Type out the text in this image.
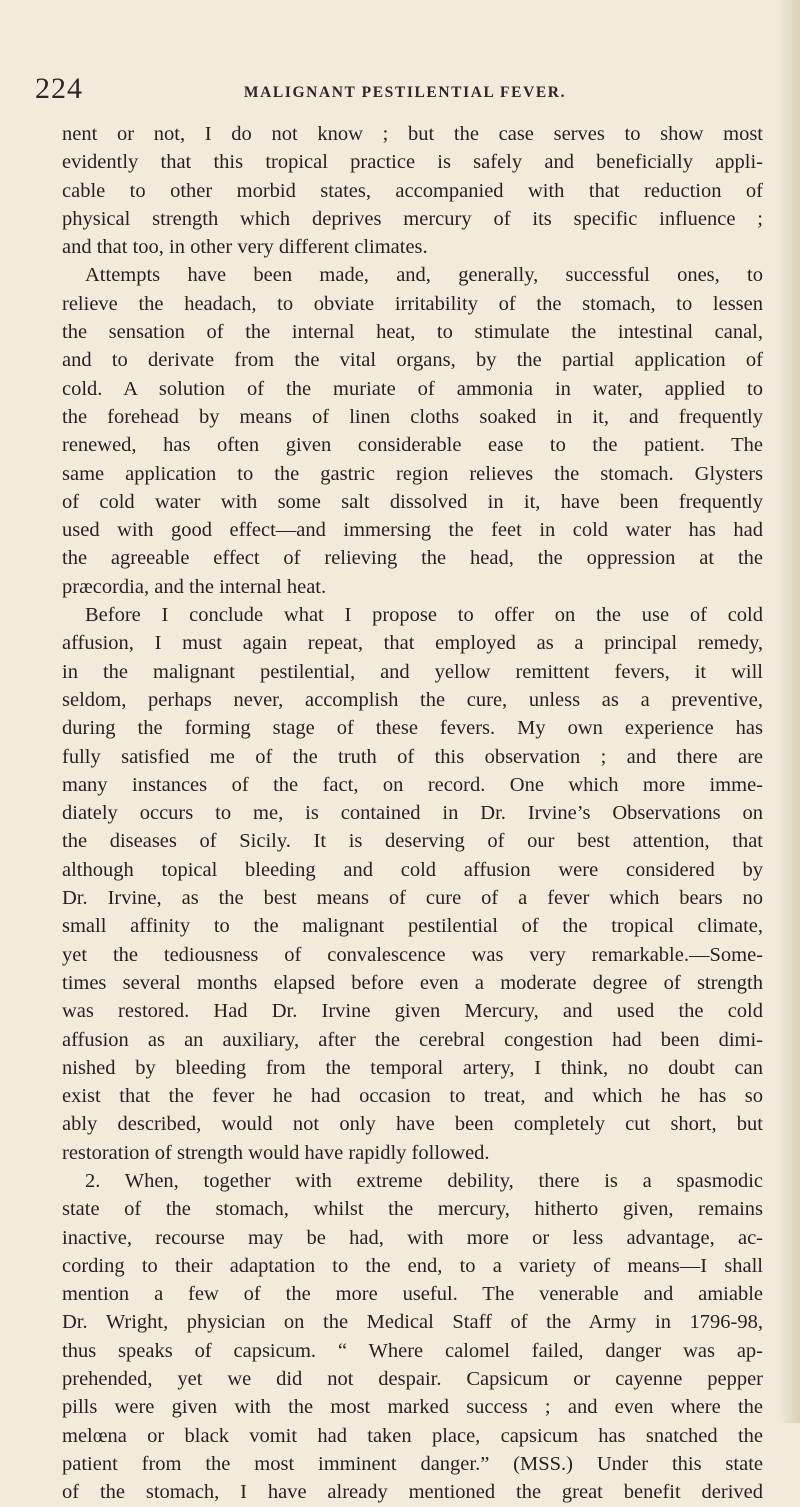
224	MALIGNANT PESTILENTIAL FEVER.
nent or not, I do not know ; but the case serves to show most
evidently that this tropical practice is safely and beneficially appli-
cable to other morbid states, accompanied with that reduction of
physical strength which deprives mercury of its specific influence ;
and that too, in other very different climates.
Attempts have been made, and, generally, successful ones, to
relieve the headach, to obviate irritability of the stomach, to lessen
the sensation of the internal heat, to stimulate the intestinal canal,
and to derivate from the vital organs, by the partial application of
cold. A solution of the muriate of ammonia in water, applied to
the forehead by means of linen cloths soaked in it, and frequently
renewed, has often given considerable ease to the patient. The
same application to the gastric region relieves the stomach. Glysters
of cold water with some salt dissolved in it, have been frequently
used with good effect—and immersing the feet in cold water has had
the agreeable effect of relieving the head, the oppression at the
præcordia, and the internal heat.
Before I conclude what I propose to offer on the use of cold
affusion, I must again repeat, that employed as a principal remedy,
in the malignant pestilential, and yellow remittent fevers, it will
seldom, perhaps never, accomplish the cure, unless as a preventive,
during the forming stage of these fevers. My own experience has
fully satisfied me of the truth of this observation ; and there are
many instances of the fact, on record. One which more imme-
diately occurs to me, is contained in Dr. Irvine’s Observations on
the diseases of Sicily. It is deserving of our best attention, that
although topical bleeding and cold affusion were considered by
Dr. Irvine, as the best means of cure of a fever which bears no
small affinity to the malignant pestilential of the tropical climate,
yet the tediousness of convalescence was very remarkable.—Some-
times several months elapsed before even a moderate degree of strength
was restored. Had Dr. Irvine given Mercury, and used the cold
affusion as an auxiliary, after the cerebral congestion had been dimi-
nished by bleeding from the temporal artery, I think, no doubt can
exist that the fever he had occasion to treat, and which he has so
ably described, would not only have been completely cut short, but
restoration of strength would have rapidly followed.
2. When, together with extreme debility, there is a spasmodic
state of the stomach, whilst the mercury, hitherto given, remains
inactive, recourse may be had, with more or less advantage, ac-
cording to their adaptation to the end, to a variety of means—I shall
mention a few of the more useful. The venerable and amiable
Dr. Wright, physician on the Medical Staff of the Army in 1796-98,
thus speaks of capsicum. “ Where calomel failed, danger was ap-
prehended, yet we did not despair. Capsicum or cayenne pepper
pills were given with the most marked success ; and even where the
melœna or black vomit had taken place, capsicum has snatched the
patient from the most imminent danger.” (MSS.) Under this state
of the stomach, I have already mentioned the great benefit derived
